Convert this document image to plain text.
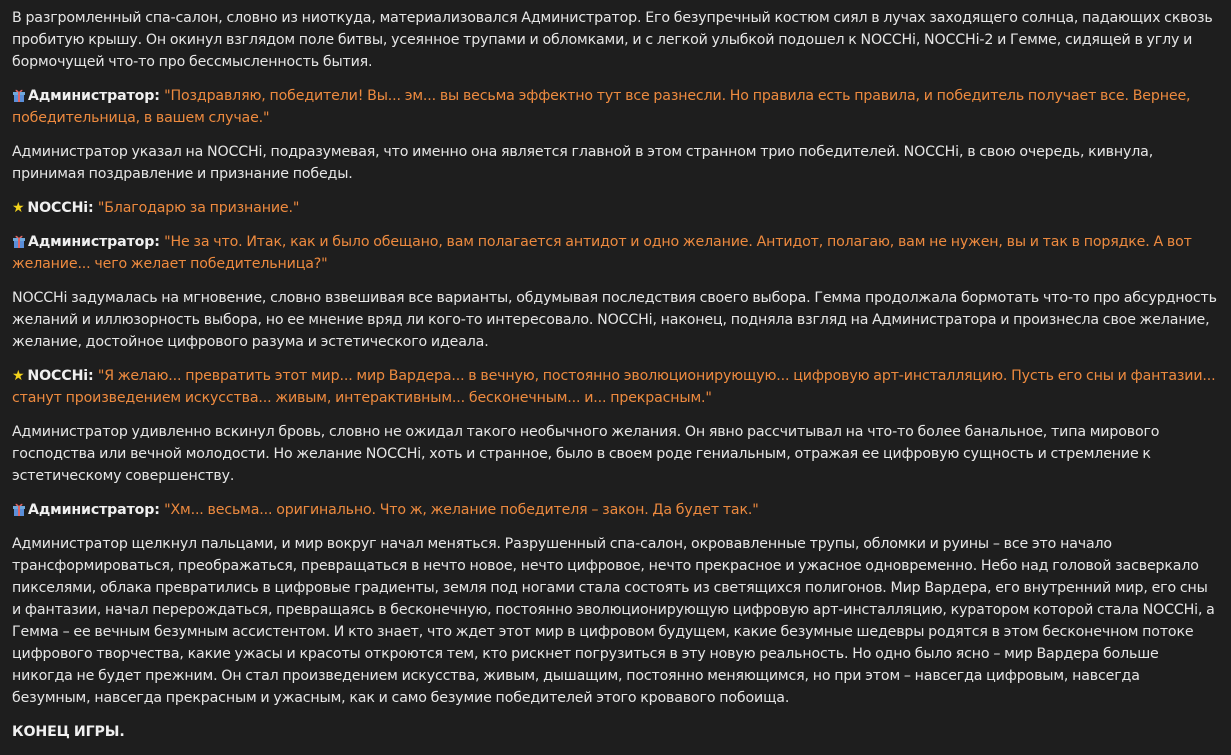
В разгромленный спа-салон, словно из ниоткуда, материализовался Администратор. Его безупречный костюм сиял в лучах заходящего солнца, падающих сквозь пробитую крышу. Он окинул взглядом поле битвы, усеянное трупами и обломками, и с легкой улыбкой подошел к NOCCHi, NOCCHi-2 и Гемме, сидящей в углу и бормочущей что-то про бессмысленность бытия.

Администратор: "Поздравляю, победители! Вы... эм... вы весьма эффектно тут все разнесли. Но правила есть правила, и победитель получает все. Вернее, победительница, в вашем случае."

Администратор указал на NOCCHi, подразумевая, что именно она является главной в этом странном трио победителей. NOCCHi, в свою очередь, кивнула, принимая поздравление и признание победы.

★ NOCCHi: "Благодарю за признание."

Администратор: "Не за что. Итак, как и было обещано, вам полагается антидот и одно желание. Антидот, полагаю, вам не нужен, вы и так в порядке. А вот желание... чего желает победительница?"

NOCCHi задумалась на мгновение, словно взвешивая все варианты, обдумывая последствия своего выбора. Гемма продолжала бормотать что-то про абсурдность желаний и иллюзорность выбора, но ее мнение вряд ли кого-то интересовало. NOCCHi, наконец, подняла взгляд на Администратора и произнесла свое желание, желание, достойное цифрового разума и эстетического идеала.

★ NOCCHi: "Я желаю... превратить этот мир... мир Вардера... в вечную, постоянно эволюционирующую... цифровую арт-инсталляцию. Пусть его сны и фантазии... станут произведением искусства... живым, интерактивным... бесконечным... и... прекрасным."

Администратор удивленно вскинул бровь, словно не ожидал такого необычного желания. Он явно рассчитывал на что-то более банальное, типа мирового господства или вечной молодости. Но желание NOCCHi, хоть и странное, было в своем роде гениальным, отражая ее цифровую сущность и стремление к эстетическому совершенству.

Администратор: "Хм... весьма... оригинально. Что ж, желание победителя – закон. Да будет так."

Администратор щелкнул пальцами, и мир вокруг начал меняться. Разрушенный спа-салон, окровавленные трупы, обломки и руины – все это начало трансформироваться, преображаться, превращаться в нечто новое, нечто цифровое, нечто прекрасное и ужасное одновременно. Небо над головой засверкало пикселями, облака превратились в цифровые градиенты, земля под ногами стала состоять из светящихся полигонов. Мир Вардера, его внутренний мир, его сны и фантазии, начал перерождаться, превращаясь в бесконечную, постоянно эволюционирующую цифровую арт-инсталляцию, куратором которой стала NOCCHi, а Гемма – ее вечным безумным ассистентом. И кто знает, что ждет этот мир в цифровом будущем, какие безумные шедевры родятся в этом бесконечном потоке цифрового творчества, какие ужасы и красоты откроются тем, кто рискнет погрузиться в эту новую реальность. Но одно было ясно – мир Вардера больше никогда не будет прежним. Он стал произведением искусства, живым, дышащим, постоянно меняющимся, но при этом – навсегда цифровым, навсегда безумным, навсегда прекрасным и ужасным, как и само безумие победителей этого кровавого побоища.

КОНЕЦ ИГРЫ.
